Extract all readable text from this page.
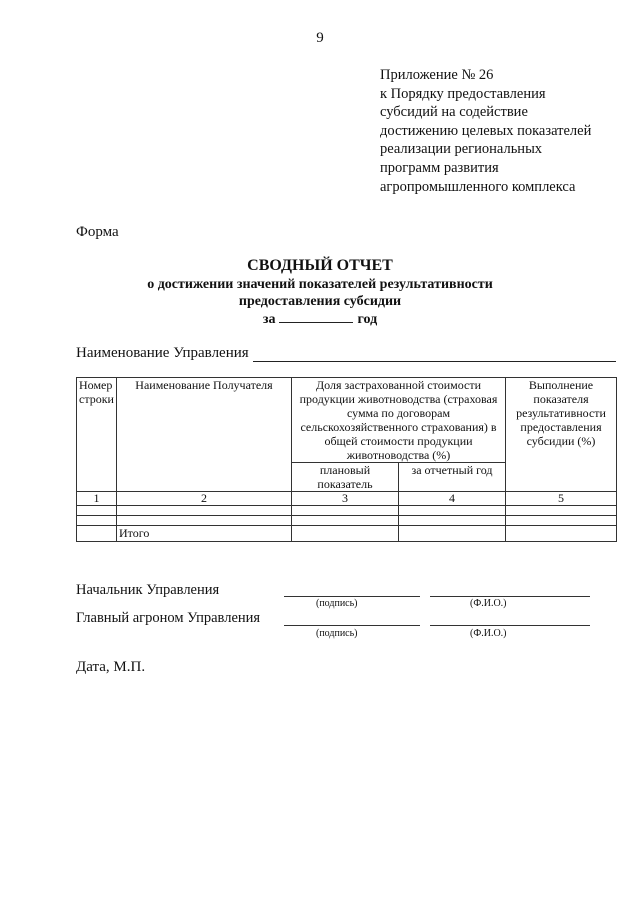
9
Приложение № 26
к Порядку предоставления
субсидий на содействие
достижению целевых показателей
реализации региональных
программ развития
агропромышленного комплекса
Форма
СВОДНЫЙ ОТЧЕТ
о достижении значений показателей результативности
предоставления субсидии
за	год
Наименование Управления
Номер строки	Наименование Получателя	Доля застрахованной стоимости продукции животноводства (страховая сумма по договорам сельскохозяйственного страхования) в общей стоимости продукции животноводства (%)		Выполнение показателя результативности предоставления субсидии (%)
		плановый показатель	за отчетный год	
1	2	3	4	5

	Итого			
Начальник Управления
(подпись)	(Ф.И.О.)
Главный агроном Управления
(подпись)	(Ф.И.О.)
Дата, М.П.
